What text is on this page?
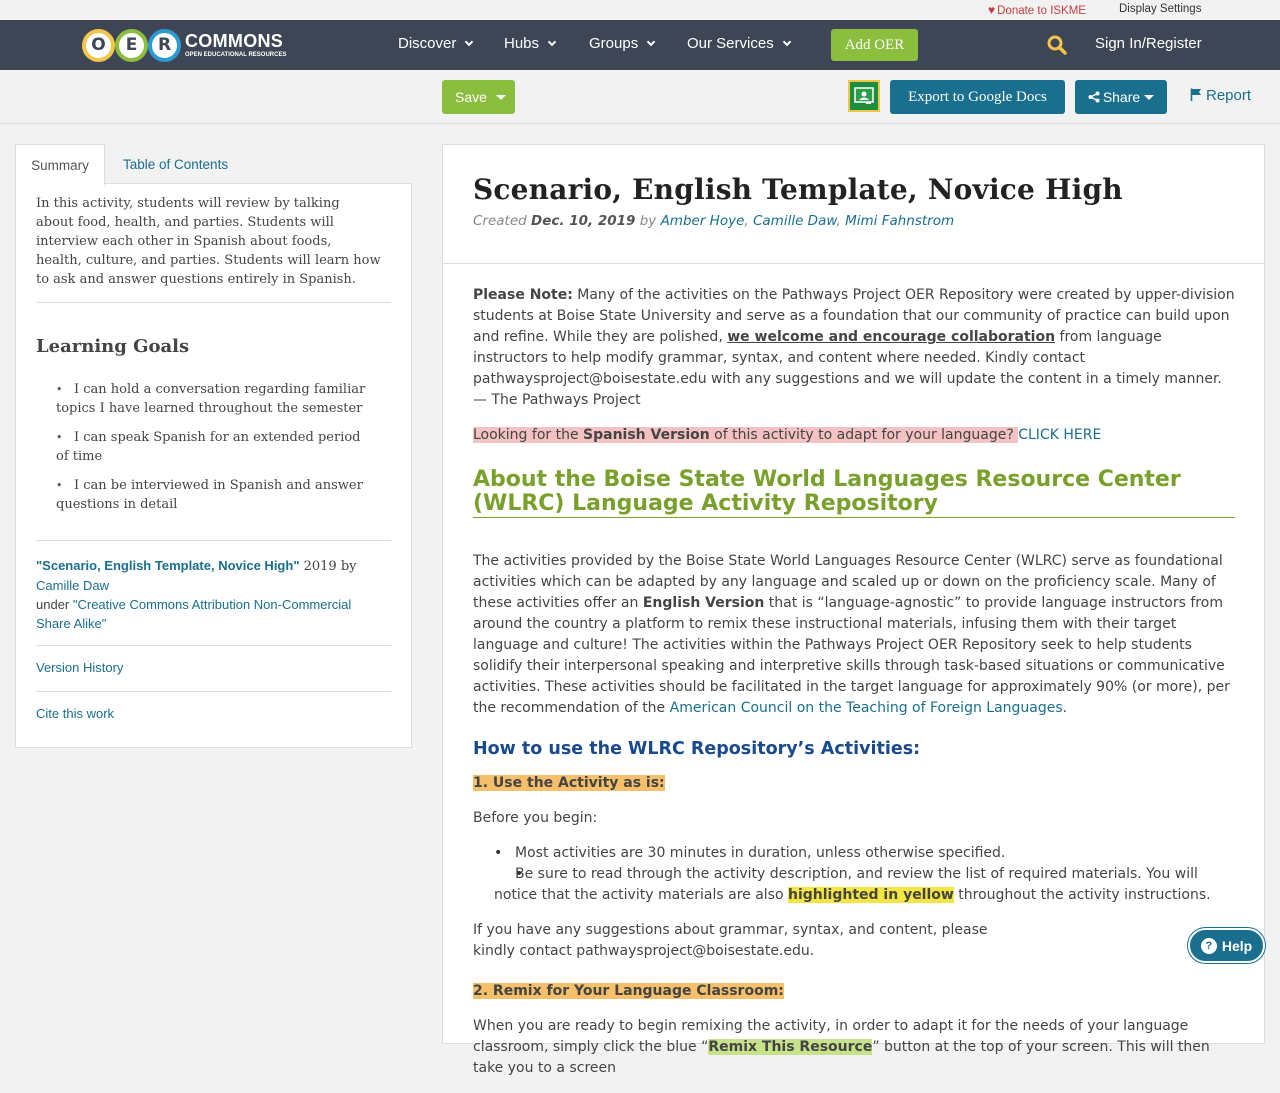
♥ Donate to ISKME	Display Settings
O	E	R COMMONS
OPEN EDUCATIONAL RESOURCES
Discover	Hubs	Groups	Our Services	Add OER	Sign In/Register
Save	Export to Google Docs	Share	Report
Summary	Table of Contents

In this activity, students will review by talking about food, health, and parties. Students will interview each other in Spanish about foods, health, culture, and parties. Students will learn how to ask and answer questions entirely in Spanish.

Learning Goals
• I can hold a conversation regarding familiar topics I have learned throughout the semester
• I can speak Spanish for an extended period of time
• I can be interviewed in Spanish and answer questions in detail
"Scenario, English Template, Novice High" 2019 by
Camille Daw
under "Creative Commons Attribution Non-Commercial Share Alike"
Version History
Cite this work
Scenario, English Template, Novice High
Created Dec. 10, 2019 by Amber Hoye, Camille Daw, Mimi Fahnstrom

Please Note: Many of the activities on the Pathways Project OER Repository were created by upper-division students at Boise State University and serve as a foundation that our community of practice can build upon and refine. While they are polished, we welcome and encourage collaboration from language instructors to help modify grammar, syntax, and content where needed. Kindly contact pathwaysproject@boisestate.edu with any suggestions and we will update the content in a timely manner. — The Pathways Project

Looking for the Spanish Version of this activity to adapt for your language? CLICK HERE

About the Boise State World Languages Resource Center (WLRC) Language Activity Repository

The activities provided by the Boise State World Languages Resource Center (WLRC) serve as foundational activities which can be adapted by any language and scaled up or down on the proficiency scale. Many of these activities offer an English Version that is “language-agnostic” to provide language instructors from around the country a platform to remix these instructional materials, infusing them with their target language and culture! The activities within the Pathways Project OER Repository seek to help students solidify their interpersonal speaking and interpretive skills through task-based situations or communicative activities. These activities should be facilitated in the target language for approximately 90% (or more), per the recommendation of the American Council on the Teaching of Foreign Languages.

How to use the WLRC Repository’s Activities:

1. Use the Activity as is:

Before you begin:

• Most activities are 30 minutes in duration, unless otherwise specified.
• Be sure to read through the activity description, and review the list of required materials. You will notice that the activity materials are also highlighted in yellow throughout the activity instructions.

If you have any suggestions about grammar, syntax, and content, please kindly contact pathwaysproject@boisestate.edu.

2. Remix for Your Language Classroom:

When you are ready to begin remixing the activity, in order to adapt it for the needs of your language classroom, simply click the blue “Remix This Resource” button at the top of your screen. This will then take you to a screen

? Help
